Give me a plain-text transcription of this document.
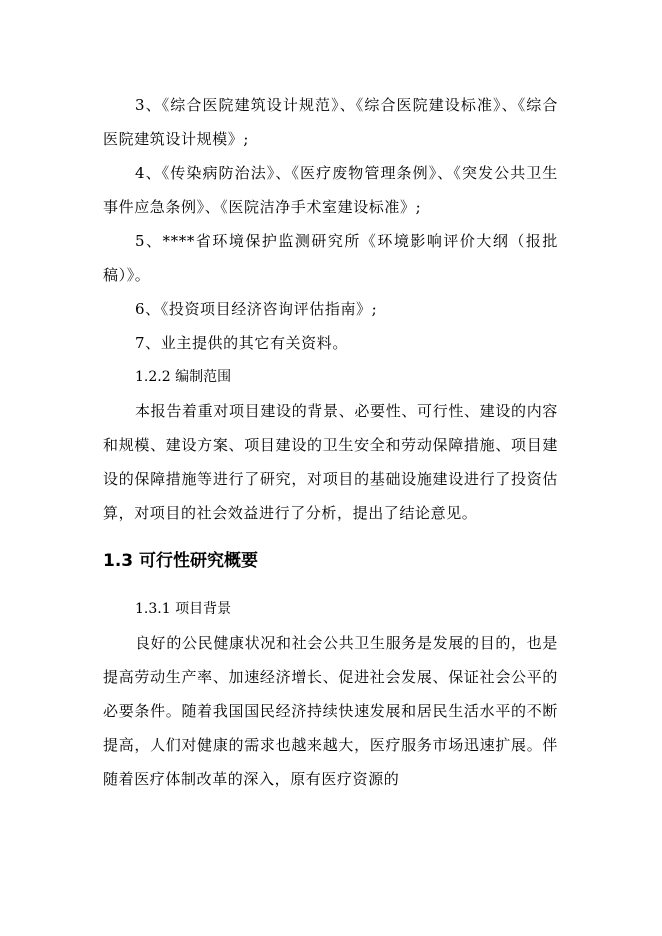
3、《综合医院建筑设计规范》、《综合医院建设标准》、《综合医院建筑设计规模》;

4、《传染病防治法》、《医疗废物管理条例》、《突发公共卫生事件应急条例》、《医院洁净手术室建设标准》;

5、****省环境保护监测研究所《环境影响评价大纲（报批稿）》。

6、《投资项目经济咨询评估指南》;

7、业主提供的其它有关资料。

1.2.2 编制范围

本报告着重对项目建设的背景、必要性、可行性、建设的内容和规模、建设方案、项目建设的卫生安全和劳动保障措施、项目建设的保障措施等进行了研究，对项目的基础设施建设进行了投资估算，对项目的社会效益进行了分析，提出了结论意见。

1.3 可行性研究概要

1.3.1 项目背景

良好的公民健康状况和社会公共卫生服务是发展的目的，也是提高劳动生产率、加速经济增长、促进社会发展、保证社会公平的必要条件。随着我国国民经济持续快速发展和居民生活水平的不断提高，人们对健康的需求也越来越大，医疗服务市场迅速扩展。伴随着医疗体制改革的深入，原有医疗资源的
